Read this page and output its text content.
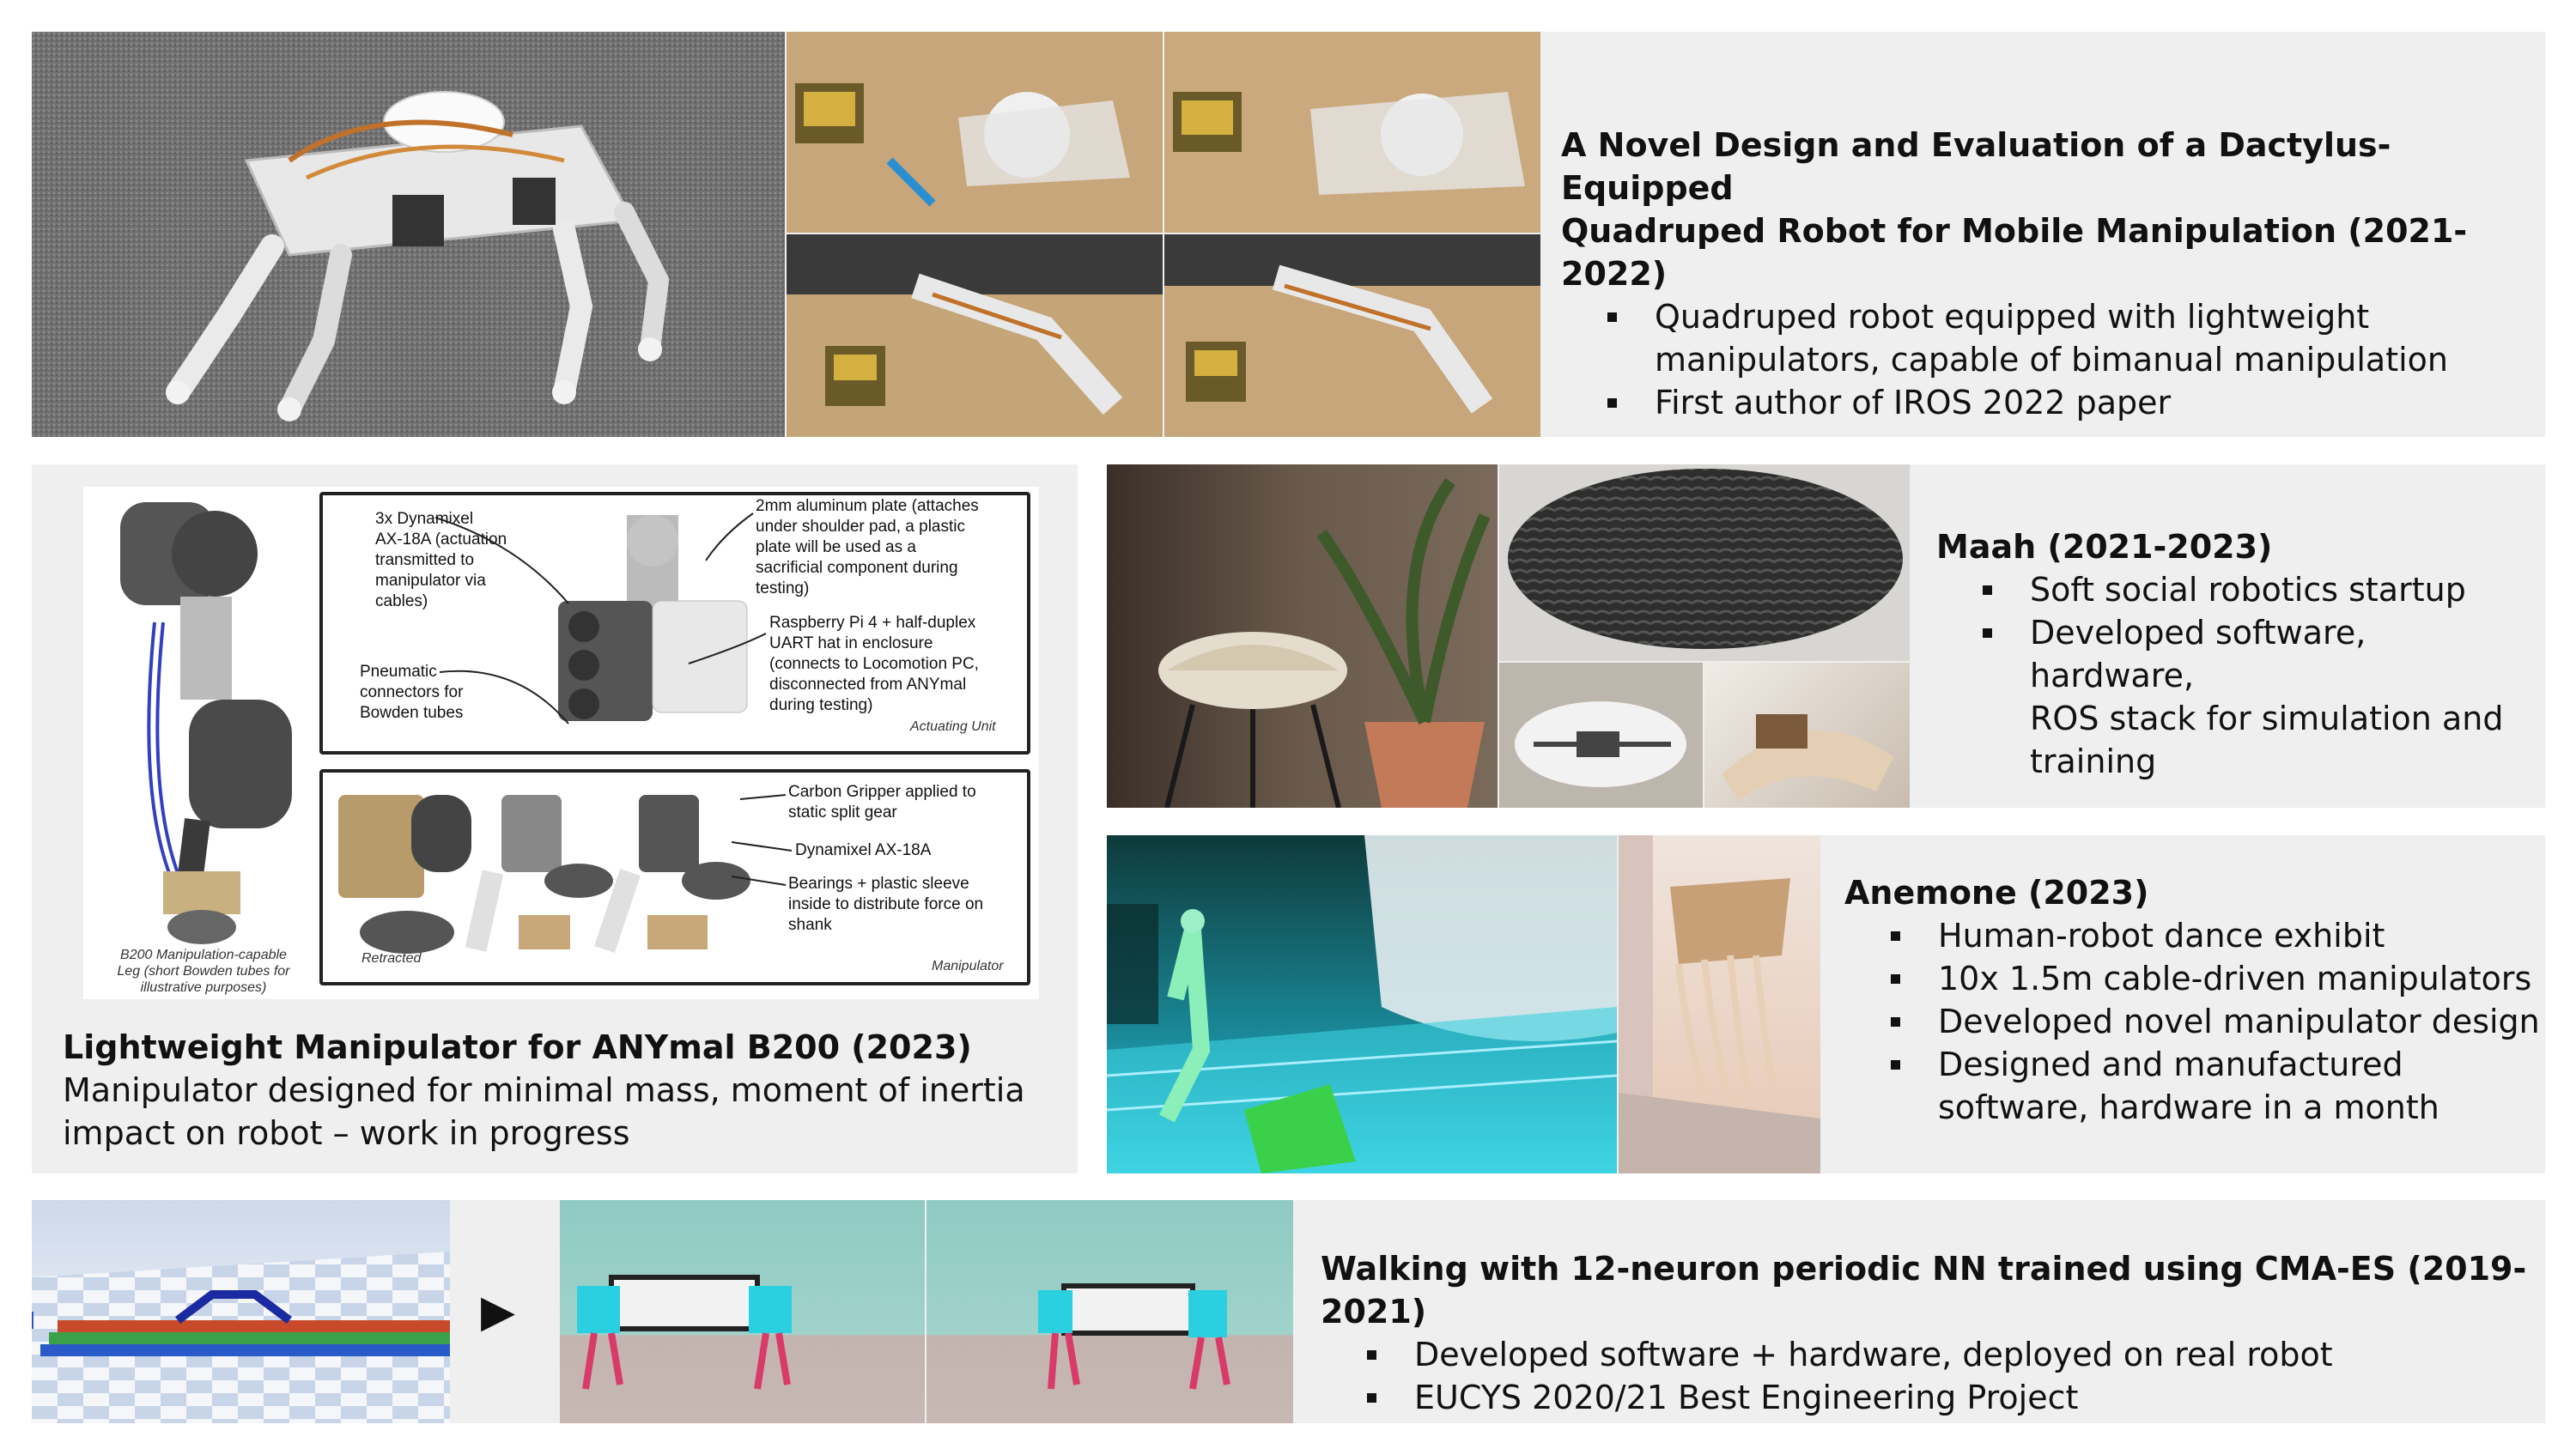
A Novel Design and Evaluation of a Dactylus-Equipped
Quadruped Robot for Mobile Manipulation (2021-2022)
Quadruped robot equipped with lightweight
manipulators, capable of bimanual manipulation
First author of IROS 2022 paper
B200 Manipulation-capable
Leg (short Bowden tubes for
illustrative purposes)
3x Dynamixel
AX-18A (actuation
transmitted to
manipulator via
cables)
Pneumatic
connectors for
Bowden tubes
2mm aluminum plate (attaches
under shoulder pad, a plastic
plate will be used as a
sacrificial component during
testing)
Raspberry Pi 4 + half-duplex
UART hat in enclosure
(connects to Locomotion PC,
disconnected from ANYmal
during testing)
Actuating Unit
Carbon Gripper applied to
static split gear
Dynamixel AX-18A
Bearings + plastic sleeve
inside to distribute force on
shank
Retracted
Manipulator
Lightweight Manipulator for ANYmal B200 (2023)
Manipulator designed for minimal mass, moment of inertia
impact on robot – work in progress
Maah (2021-2023)
Soft social robotics startup
Developed software, hardware,
ROS stack for simulation and
training
Anemone (2023)
Human-robot dance exhibit
10x 1.5m cable-driven manipulators
Developed novel manipulator design
Designed and manufactured
software, hardware in a month
▶
Walking with 12-neuron periodic NN trained using CMA-ES (2019-2021)
Developed software + hardware, deployed on real robot
EUCYS 2020/21 Best Engineering Project
